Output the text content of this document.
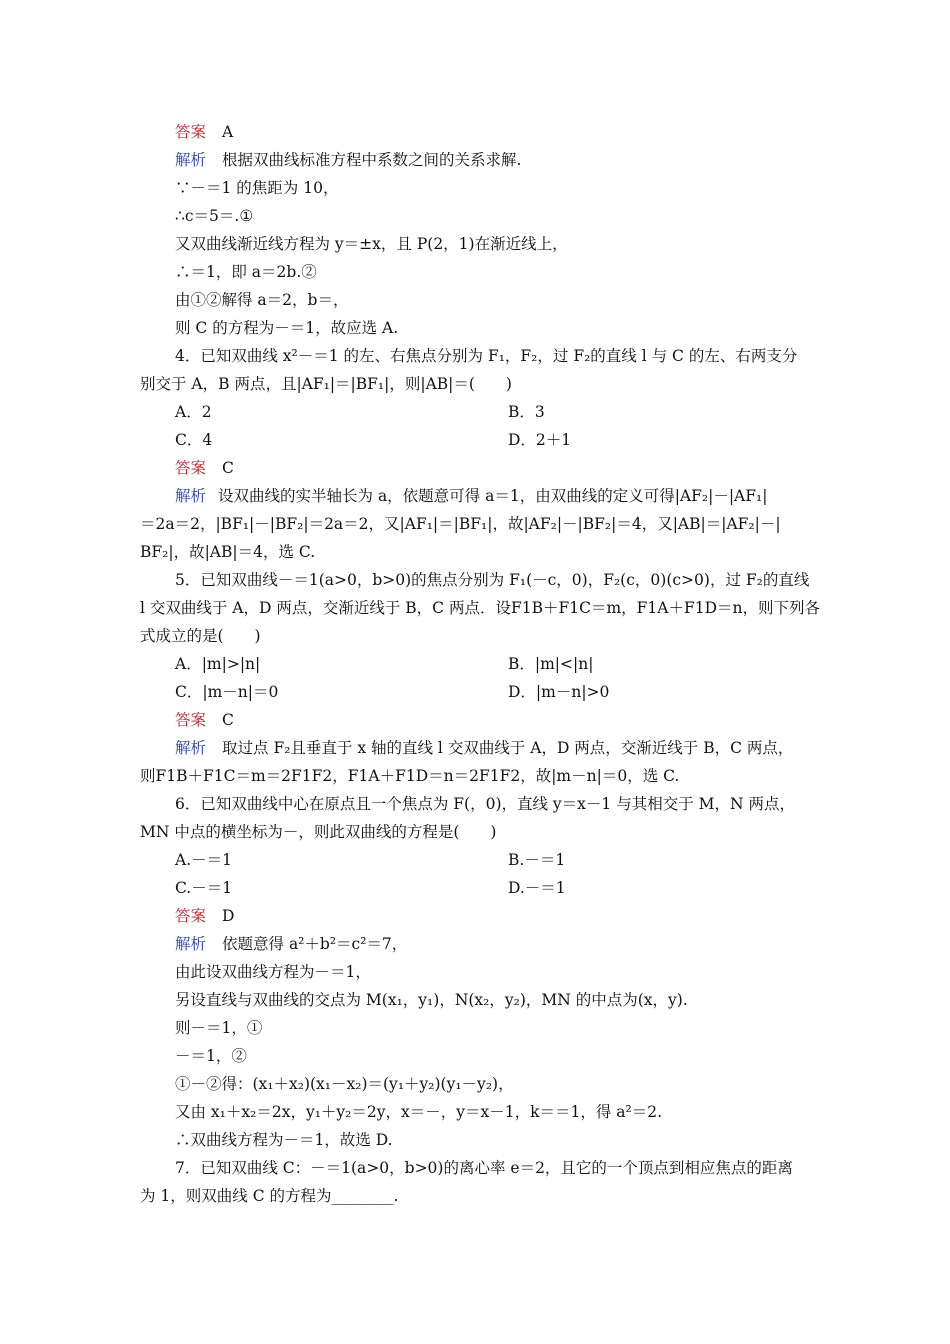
答案 A
解析 根据双曲线标准方程中系数之间的关系求解.
∵－＝1 的焦距为 10，
∴c＝5＝.①
又双曲线渐近线方程为 y＝±x，且 P(2，1)在渐近线上，
∴＝1，即 a＝2b.②
由①②解得 a＝2，b＝，
则 C 的方程为－＝1，故应选 A.
4．已知双曲线 x²－＝1 的左、右焦点分别为 F₁，F₂，过 F₂的直线 l 与 C 的左、右两支分
别交于 A，B 两点，且|AF₁|＝|BF₁|，则|AB|＝(　　)
A．2	B．3
C．4	D．2＋1
答案 C
解析 设双曲线的实半轴长为 a，依题意可得 a＝1，由双曲线的定义可得|AF₂|－|AF₁|
＝2a＝2，|BF₁|－|BF₂|＝2a＝2，又|AF₁|＝|BF₁|，故|AF₂|－|BF₂|＝4，又|AB|＝|AF₂|－|
BF₂|，故|AB|＝4，选 C.
5．已知双曲线－＝1(a>0，b>0)的焦点分别为 F₁(－c，0)，F₂(c，0)(c>0)，过 F₂的直线
l 交双曲线于 A，D 两点，交渐近线于 B，C 两点．设F1B＋F1C＝m，F1A＋F1D＝n，则下列各
式成立的是(　　)
A．|m|>|n|	B．|m|<|n|
C．|m－n|＝0	D．|m－n|>0
答案 C
解析 取过点 F₂且垂直于 x 轴的直线 l 交双曲线于 A，D 两点，交渐近线于 B，C 两点，
则F1B＋F1C＝m＝2F1F2，F1A＋F1D＝n＝2F1F2，故|m－n|＝0，选 C.
6．已知双曲线中心在原点且一个焦点为 F(，0)，直线 y＝x－1 与其相交于 M，N 两点，
MN 中点的横坐标为－，则此双曲线的方程是(　　)
A.－＝1	B.－＝1
C.－＝1	D.－＝1
答案 D
解析 依题意得 a²＋b²＝c²＝7，
由此设双曲线方程为－＝1，
另设直线与双曲线的交点为 M(x₁，y₁)，N(x₂，y₂)，MN 的中点为(x，y).
则－＝1，①
－＝1，②
①－②得：(x₁＋x₂)(x₁－x₂)＝(y₁＋y₂)(y₁－y₂)，
又由 x₁＋x₂＝2x，y₁＋y₂＝2y，x＝－，y＝x－1，k＝＝1，得 a²＝2.
∴双曲线方程为－＝1，故选 D.
7．已知双曲线 C：－＝1(a>0，b>0)的离心率 e＝2，且它的一个顶点到相应焦点的距离
为 1，则双曲线 C 的方程为________.
